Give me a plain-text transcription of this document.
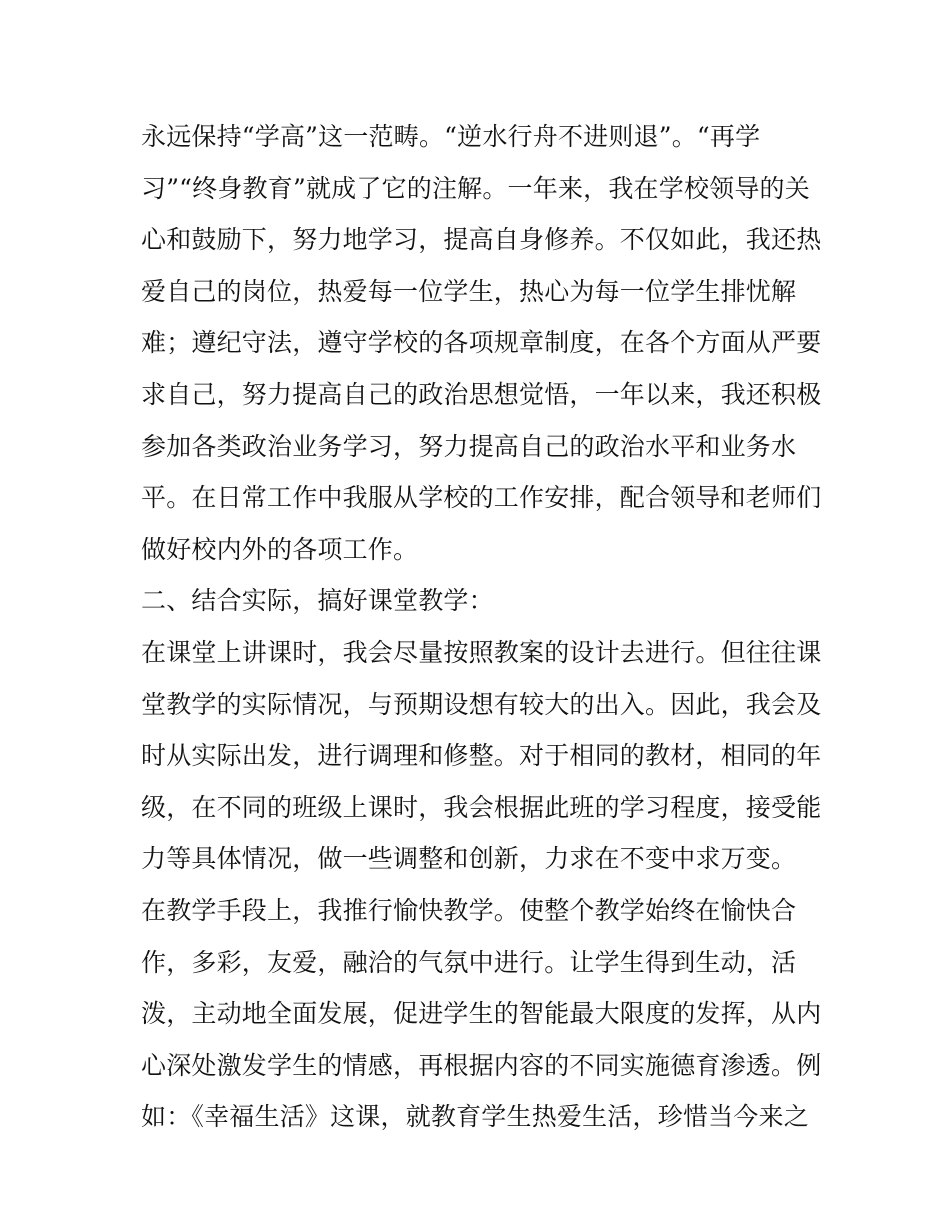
永远保持“学高”这一范畴。“逆水行舟不进则退”。“再学
习”“终身教育”就成了它的注解。一年来，我在学校领导的关
心和鼓励下，努力地学习，提高自身修养。不仅如此，我还热
爱自己的岗位，热爱每一位学生，热心为每一位学生排忧解
难；遵纪守法，遵守学校的各项规章制度，在各个方面从严要
求自己，努力提高自己的政治思想觉悟，一年以来，我还积极
参加各类政治业务学习，努力提高自己的政治水平和业务水
平。在日常工作中我服从学校的工作安排，配合领导和老师们
做好校内外的各项工作。
二、结合实际，搞好课堂教学：
在课堂上讲课时，我会尽量按照教案的设计去进行。但往往课
堂教学的实际情况，与预期设想有较大的出入。因此，我会及
时从实际出发，进行调理和修整。对于相同的教材，相同的年
级，在不同的班级上课时，我会根据此班的学习程度，接受能
力等具体情况，做一些调整和创新，力求在不变中求万变。
在教学手段上，我推行愉快教学。使整个教学始终在愉快合
作，多彩，友爱，融洽的气氛中进行。让学生得到生动，活
泼，主动地全面发展，促进学生的智能最大限度的发挥，从内
心深处激发学生的情感，再根据内容的不同实施德育渗透。例
如：《幸福生活》这课，就教育学生热爱生活，珍惜当今来之
